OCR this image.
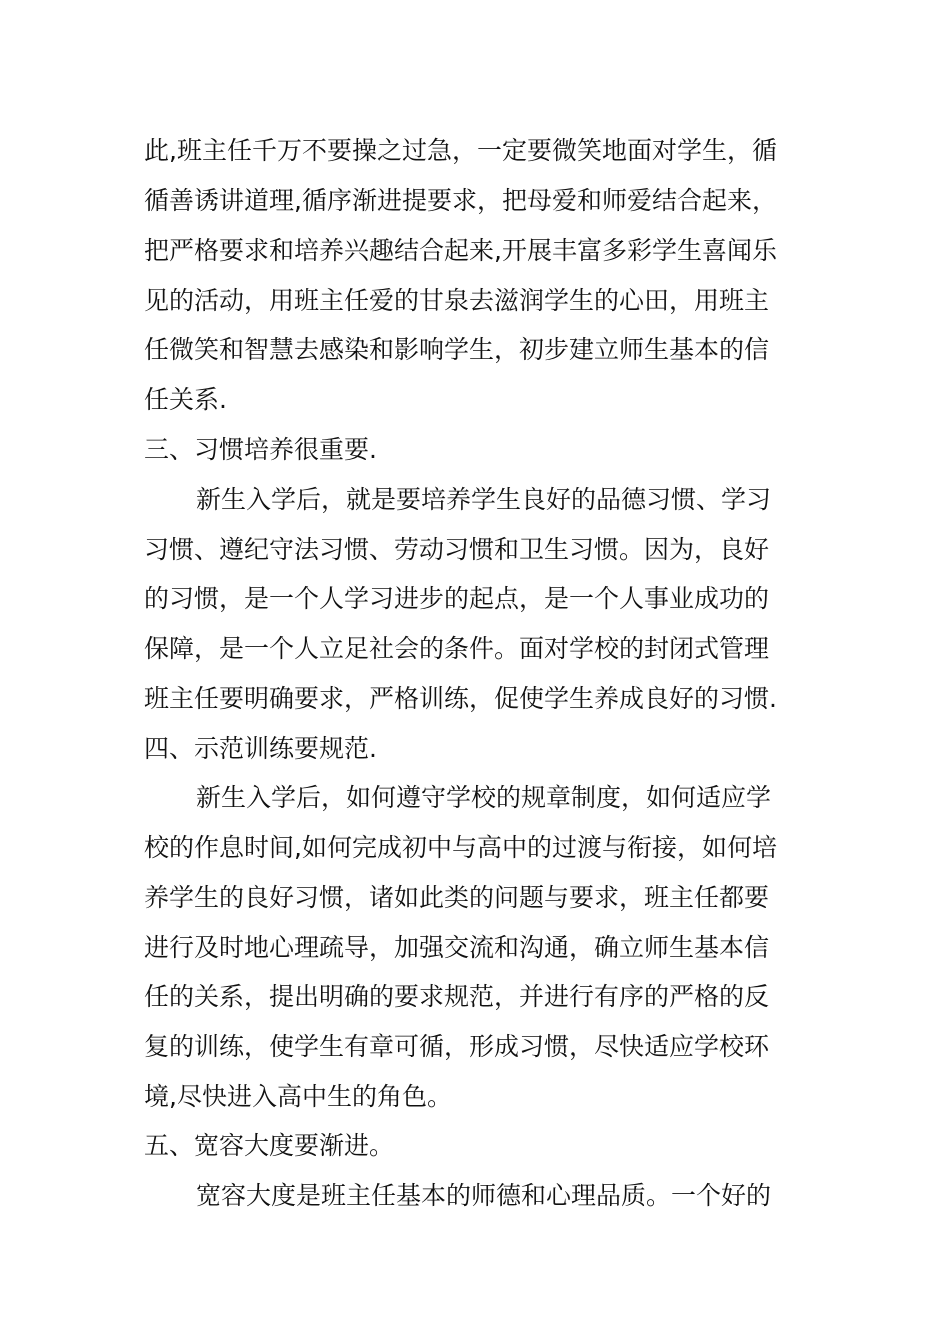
此,班主任千万不要操之过急，一定要微笑地面对学生，循
循善诱讲道理,循序渐进提要求，把母爱和师爱结合起来，
把严格要求和培养兴趣结合起来,开展丰富多彩学生喜闻乐
见的活动，用班主任爱的甘泉去滋润学生的心田，用班主
任微笑和智慧去感染和影响学生，初步建立师生基本的信
任关系.
三、习惯培养很重要.
新生入学后，就是要培养学生良好的品德习惯、学习
习惯、遵纪守法习惯、劳动习惯和卫生习惯。因为，良好
的习惯，是一个人学习进步的起点，是一个人事业成功的
保障，是一个人立足社会的条件。面对学校的封闭式管理
班主任要明确要求，严格训练，促使学生养成良好的习惯.
四、示范训练要规范.
新生入学后，如何遵守学校的规章制度，如何适应学
校的作息时间,如何完成初中与高中的过渡与衔接，如何培
养学生的良好习惯，诸如此类的问题与要求，班主任都要
进行及时地心理疏导，加强交流和沟通，确立师生基本信
任的关系，提出明确的要求规范，并进行有序的严格的反
复的训练，使学生有章可循，形成习惯，尽快适应学校环
境,尽快进入高中生的角色。
五、宽容大度要渐进。
宽容大度是班主任基本的师德和心理品质。一个好的
